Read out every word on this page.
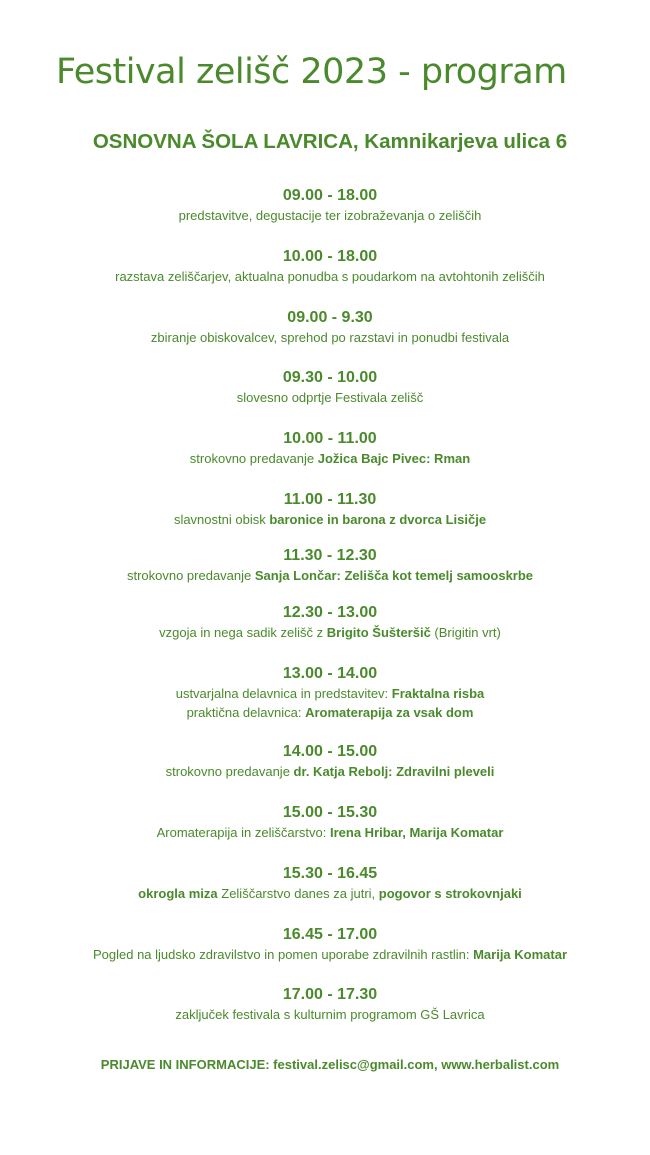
Festival zelišč 2023 - program
OSNOVNA ŠOLA LAVRICA, Kamnikarjeva ulica 6
09.00 - 18.00
predstavitve, degustacije ter izobraževanja o zeliščih
10.00 - 18.00
razstava zeliščarjev, aktualna ponudba s poudarkom na avtohtonih zeliščih
09.00 - 9.30
zbiranje obiskovalcev, sprehod po razstavi in ponudbi festivala
09.30 - 10.00
slovesno odprtje Festivala zelišč
10.00 - 11.00
strokovno predavanje Jožica Bajc Pivec: Rman
11.00 - 11.30
slavnostni obisk baronice in barona z dvorca Lisičje
11.30 - 12.30
strokovno predavanje Sanja Lončar: Zelišča kot temelj samooskrbe
12.30 - 13.00
vzgoja in nega sadik zelišč z Brigito Šušteršič (Brigitin vrt)
13.00 - 14.00
ustvarjalna delavnica in predstavitev: Fraktalna risba
praktična delavnica: Aromaterapija za vsak dom
14.00 - 15.00
strokovno predavanje dr. Katja Rebolj: Zdravilni pleveli
15.00 - 15.30
Aromaterapija in zeliščarstvo: Irena Hribar, Marija Komatar
15.30 - 16.45
okrogla miza Zeliščarstvo danes za jutri, pogovor s strokovnjaki
16.45 - 17.00
Pogled na ljudsko zdravilstvo in pomen uporabe zdravilnih rastlin: Marija Komatar
17.00 - 17.30
zaključek festivala s kulturnim programom GŠ Lavrica
PRIJAVE IN INFORMACIJE: festival.zelisc@gmail.com, www.herbalist.com
